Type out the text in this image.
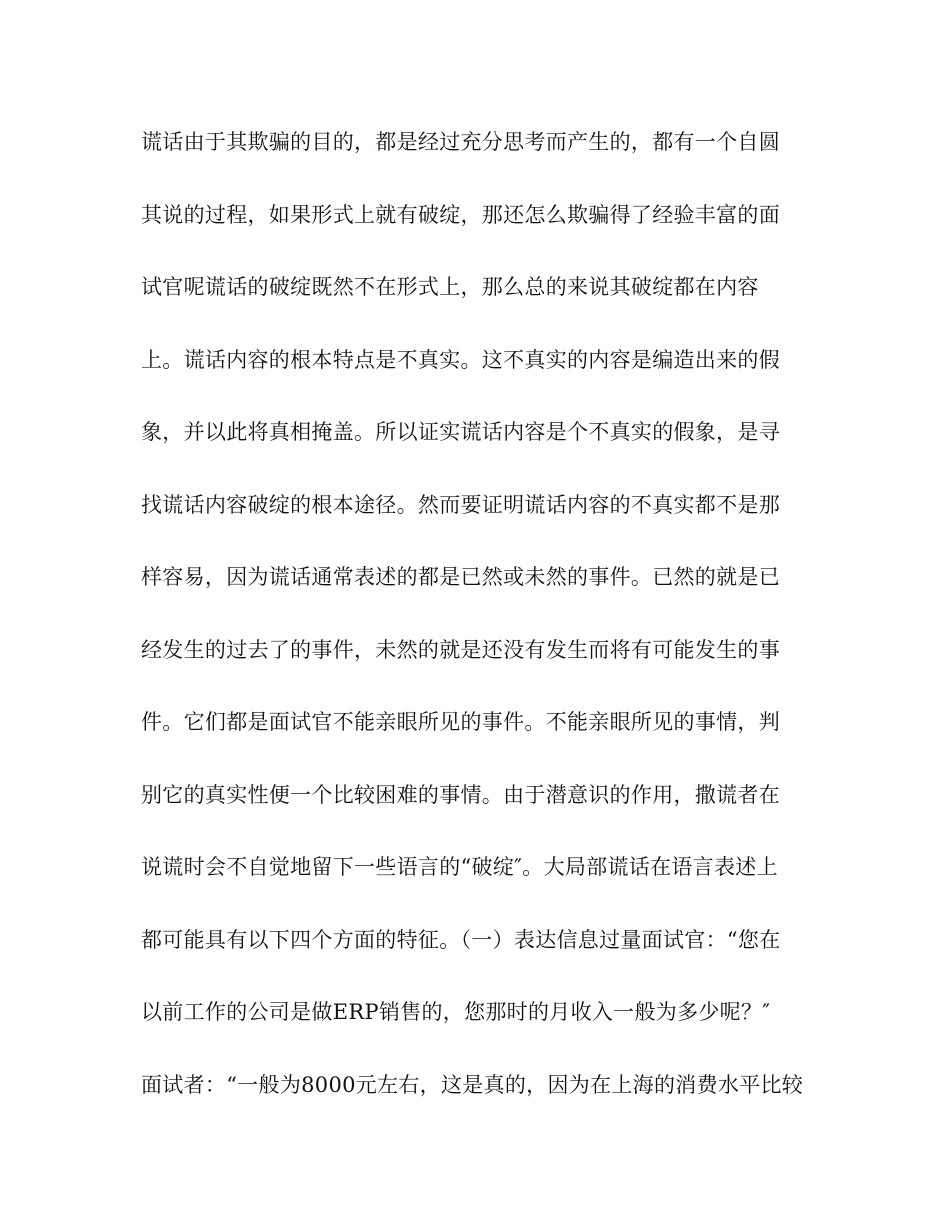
谎话由于其欺骗的目的，都是经过充分思考而产生的，都有一个自圆
其说的过程，如果形式上就有破绽，那还怎么欺骗得了经验丰富的面
试官呢谎话的破绽既然不在形式上，那么总的来说其破绽都在内容
上。谎话内容的根本特点是不真实。这不真实的内容是编造出来的假
象，并以此将真相掩盖。所以证实谎话内容是个不真实的假象，是寻
找谎话内容破绽的根本途径。然而要证明谎话内容的不真实都不是那
样容易，因为谎话通常表述的都是已然或未然的事件。已然的就是已
经发生的过去了的事件，未然的就是还没有发生而将有可能发生的事
件。它们都是面试官不能亲眼所见的事件。不能亲眼所见的事情，判
别它的真实性便一个比较困难的事情。由于潜意识的作用，撒谎者在
说谎时会不自觉地留下一些语言的“破绽″。大局部谎话在语言表述上
都可能具有以下四个方面的特征。（一）表达信息过量面试官：“您在
以前工作的公司是做ERP销售的，您那时的月收入一般为多少呢？″
面试者：“一般为8000元左右，这是真的，因为在上海的消费水平比较
